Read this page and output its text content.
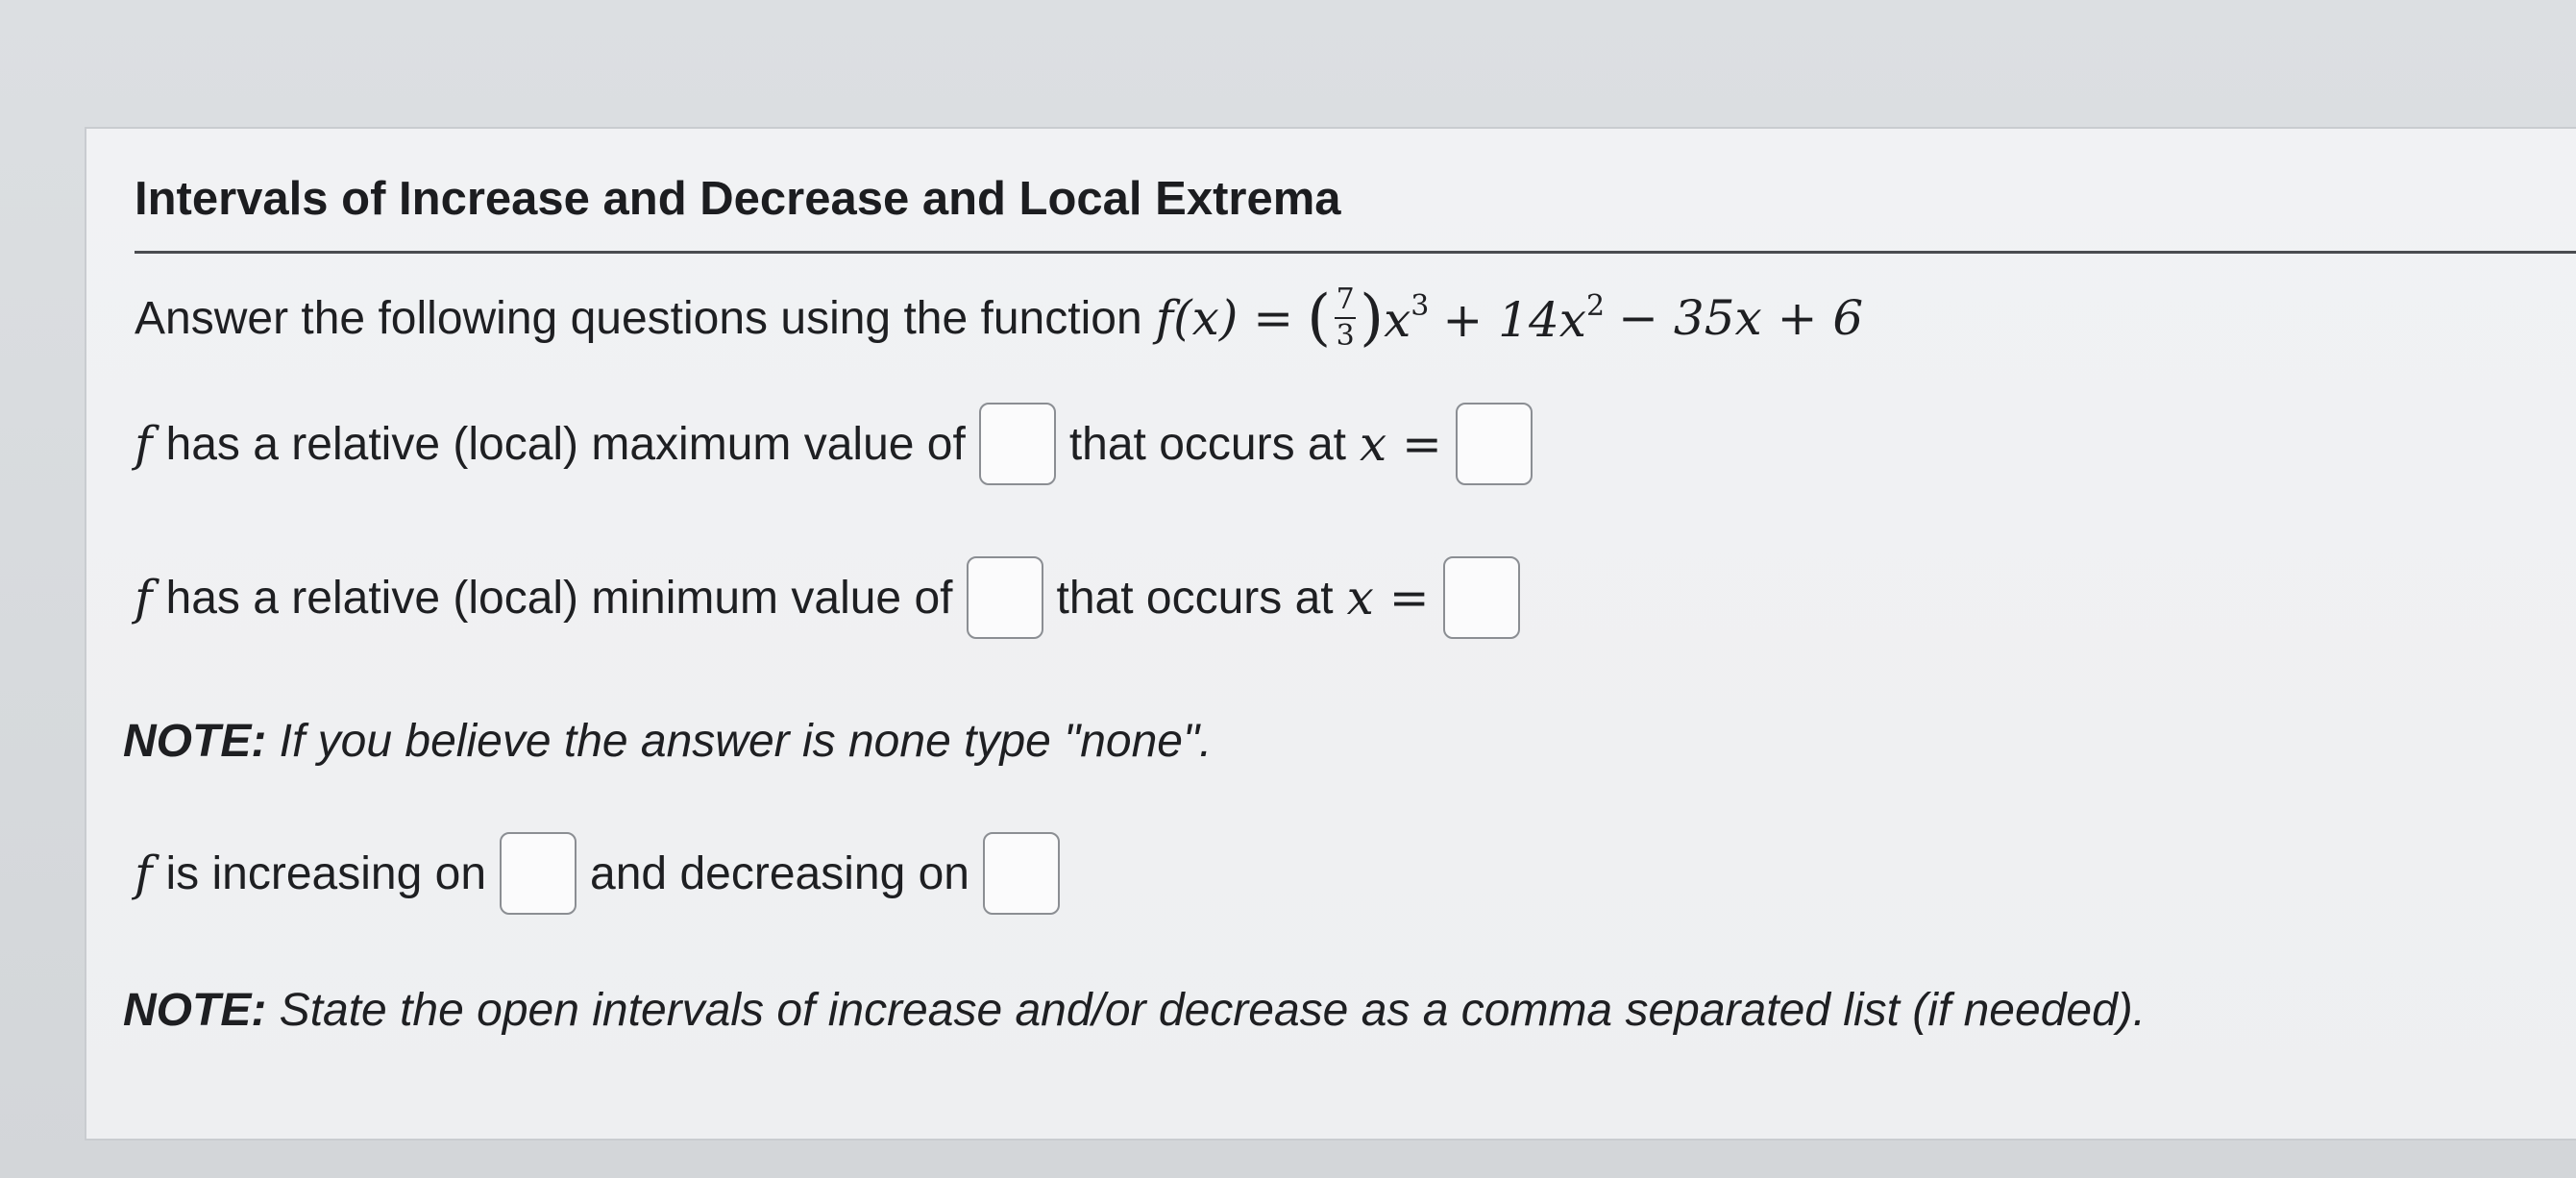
Intervals of Increase and Decrease and Local Extrema
Answer the following questions using the function f(x) = ( $\frac{7}{3}$ ) $x^3 + 14x^2 - 35x + 6$
f has a relative (local) maximum value of that occurs at x =
f has a relative (local) minimum value of that occurs at x =
NOTE: If you believe the answer is none type "none".
f is increasing on and decreasing on
NOTE: State the open intervals of increase and/or decrease as a comma separated list (if needed).
